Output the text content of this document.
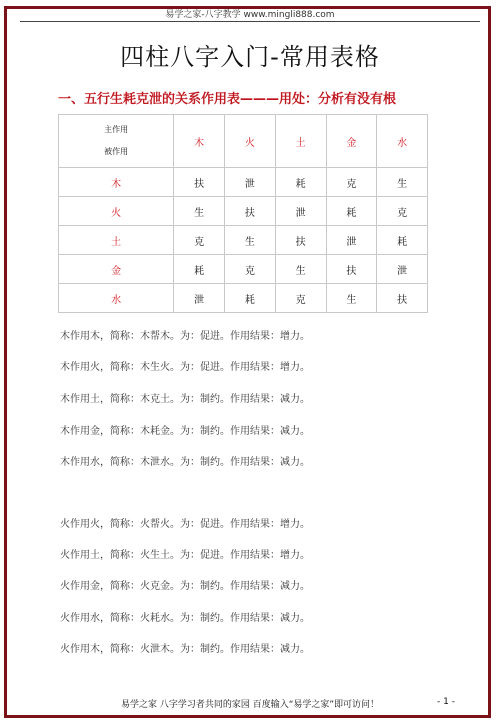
易学之家-八字教学 www.mingli888.com
四柱八字入门-常用表格
一、五行生耗克泄的关系作用表———用处：分析有没有根
主作用
被作用	木	火	土	金	水
木	扶	泄	耗	克	生
火	生	扶	泄	耗	克
土	克	生	扶	泄	耗
金	耗	克	生	扶	泄
水	泄	耗	克	生	扶
木作用木，简称：木帮木。为：促进。作用结果：增力。
木作用火，简称：木生火。为：促进。作用结果：增力。
木作用土，简称：木克土。为：制约。作用结果：减力。
木作用金，简称：木耗金。为：制约。作用结果：减力。
木作用水，简称：木泄水。为：制约。作用结果：减力。
火作用火，简称：火帮火。为：促进。作用结果：增力。
火作用土，简称：火生土。为：促进。作用结果：增力。
火作用金，简称：火克金。为：制约。作用结果：减力。
火作用水，简称：火耗水。为：制约。作用结果：减力。
火作用木，简称：火泄木。为：制约。作用结果：减力。
易学之家 八字学习者共同的家园 百度输入“易学之家”即可访问！	- 1 -
